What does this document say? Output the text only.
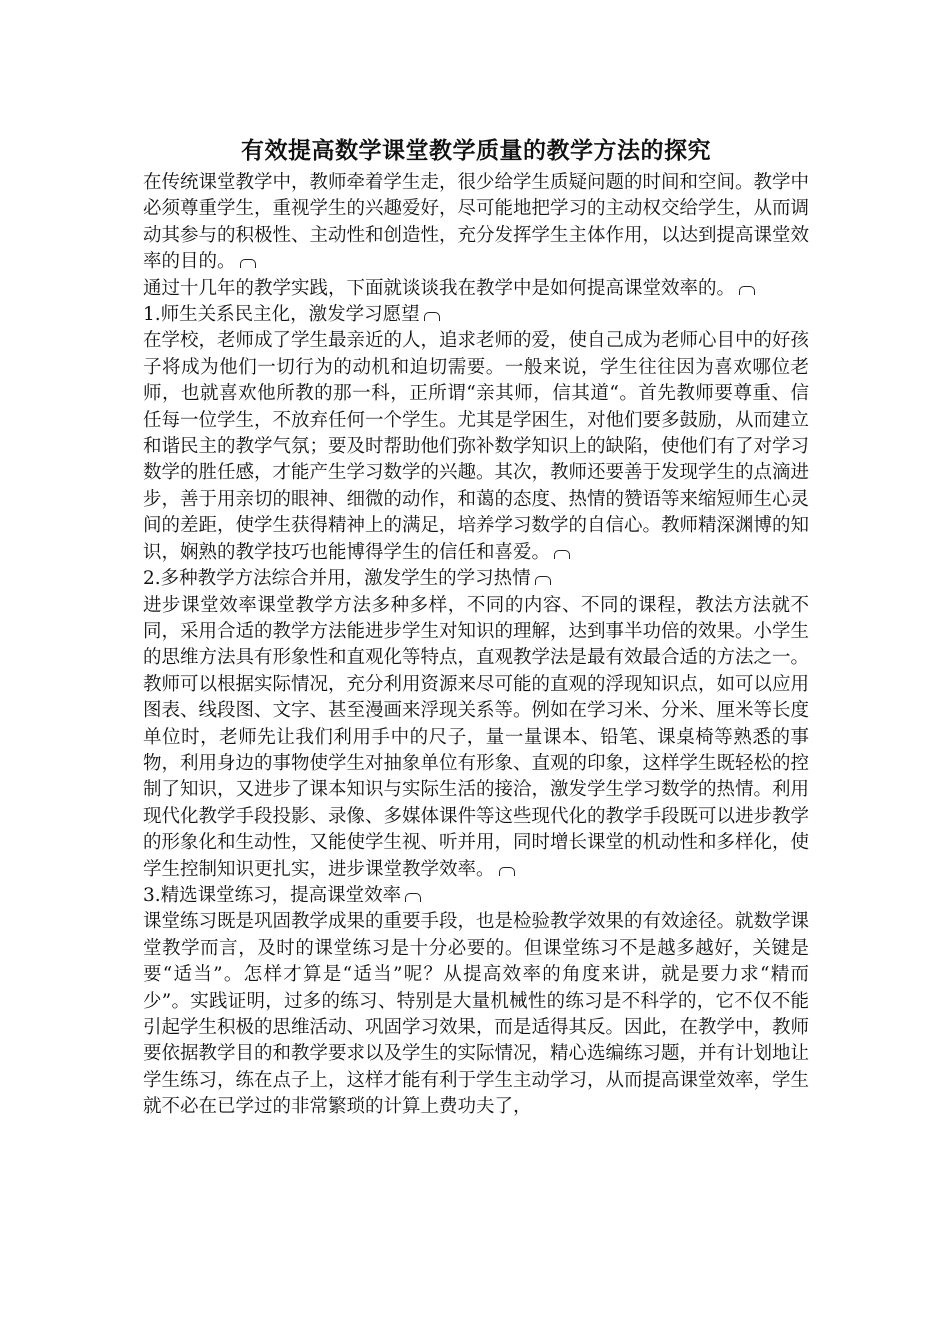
有效提高数学课堂教学质量的教学方法的探究

在传统课堂教学中，教师牵着学生走，很少给学生质疑问题的时间和空间。教学中必须尊重学生，重视学生的兴趣爱好，尽可能地把学习的主动权交给学生，从而调动其参与的积极性、主动性和创造性，充分发挥学生主体作用，以达到提高课堂效率的目的。

通过十几年的教学实践，下面就谈谈我在教学中是如何提高课堂效率的。

1.师生关系民主化，激发学习愿望

在学校，老师成了学生最亲近的人，追求老师的爱，使自己成为老师心目中的好孩子将成为他们一切行为的动机和迫切需要。一般来说，学生往往因为喜欢哪位老师，也就喜欢他所教的那一科，正所谓“亲其师，信其道“。首先教师要尊重、信任每一位学生，不放弃任何一个学生。尤其是学困生，对他们要多鼓励，从而建立和谐民主的教学气氛；要及时帮助他们弥补数学知识上的缺陷，使他们有了对学习数学的胜任感，才能产生学习数学的兴趣。其次，教师还要善于发现学生的点滴进步，善于用亲切的眼神、细微的动作，和蔼的态度、热情的赞语等来缩短师生心灵间的差距，使学生获得精神上的满足，培养学习数学的自信心。教师精深渊博的知识，娴熟的教学技巧也能博得学生的信任和喜爱。

2.多种教学方法综合并用，激发学生的学习热情

进步课堂效率课堂教学方法多种多样，不同的内容、不同的课程，教法方法就不同，采用合适的教学方法能进步学生对知识的理解，达到事半功倍的效果。小学生的思维方法具有形象性和直观化等特点，直观教学法是最有效最合适的方法之一。教师可以根据实际情况，充分利用资源来尽可能的直观的浮现知识点，如可以应用图表、线段图、文字、甚至漫画来浮现关系等。例如在学习米、分米、厘米等长度单位时，老师先让我们利用手中的尺子，量一量课本、铅笔、课桌椅等熟悉的事物，利用身边的事物使学生对抽象单位有形象、直观的印象，这样学生既轻松的控制了知识，又进步了课本知识与实际生活的接洽，激发学生学习数学的热情。利用现代化教学手段投影、录像、多媒体课件等这些现代化的教学手段既可以进步教学的形象化和生动性，又能使学生视、听并用，同时增长课堂的机动性和多样化，使学生控制知识更扎实，进步课堂教学效率。

3.精选课堂练习，提高课堂效率

课堂练习既是巩固教学成果的重要手段，也是检验教学效果的有效途径。就数学课堂教学而言，及时的课堂练习是十分必要的。但课堂练习不是越多越好，关键是要“适当”。怎样才算是“适当”呢？从提高效率的角度来讲，就是要力求“精而少”。实践证明，过多的练习、特别是大量机械性的练习是不科学的，它不仅不能引起学生积极的思维活动、巩固学习效果，而是适得其反。因此，在教学中，教师要依据教学目的和教学要求以及学生的实际情况，精心选编练习题，并有计划地让学生练习，练在点子上，这样才能有利于学生主动学习，从而提高课堂效率，学生就不必在已学过的非常繁琐的计算上费功夫了，
